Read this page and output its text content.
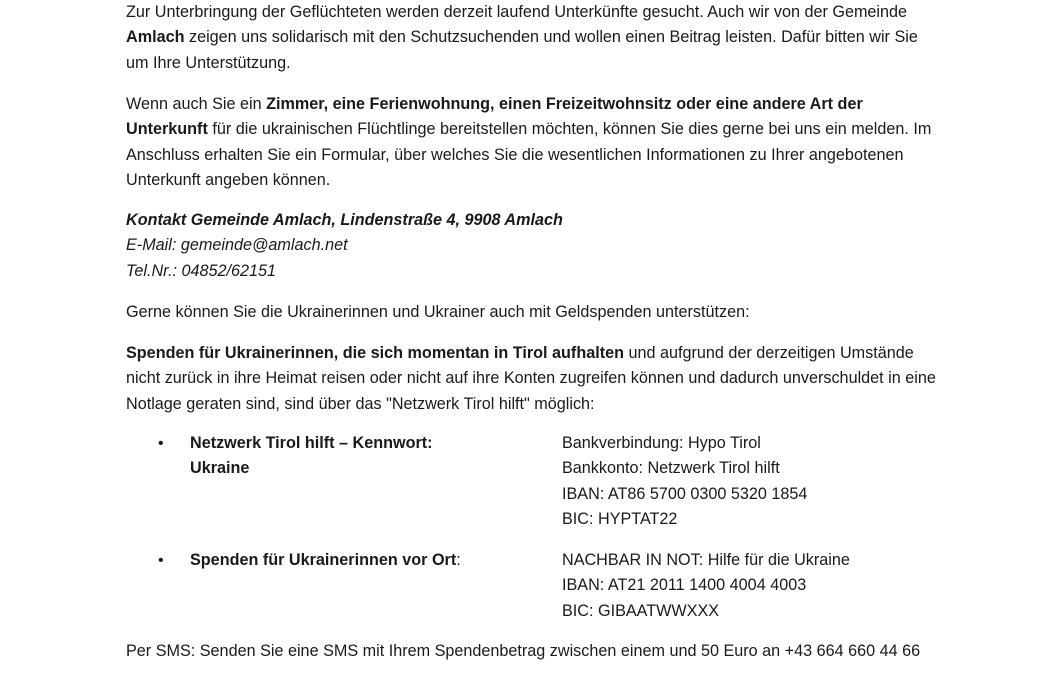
Zur Unterbringung der Geflüchteten werden derzeit laufend Unterkünfte gesucht. Auch wir von der Gemeinde Amlach zeigen uns solidarisch mit den Schutzsuchenden und wollen einen Beitrag leisten. Dafür bitten wir Sie um Ihre Unterstützung.

Wenn auch Sie ein Zimmer, eine Ferienwohnung, einen Freizeitwohnsitz oder eine andere Art der Unterkunft für die ukrainischen Flüchtlinge bereitstellen möchten, können Sie dies gerne bei uns ein melden. Im Anschluss erhalten Sie ein Formular, über welches Sie die wesentlichen Informationen zu Ihrer angebotenen Unterkunft angeben können.

Kontakt Gemeinde Amlach, Lindenstraße 4, 9908 Amlach
E-Mail: gemeinde@amlach.net
Tel.Nr.: 04852/62151

Gerne können Sie die Ukrainerinnen und Ukrainer auch mit Geldspenden unterstützen:

Spenden für Ukrainerinnen, die sich momentan in Tirol aufhalten und aufgrund der derzeitigen Umstände nicht zurück in ihre Heimat reisen oder nicht auf ihre Konten zugreifen können und dadurch unverschuldet in eine Notlage geraten sind, sind über das "Netzwerk Tirol hilft" möglich:

• Netzwerk Tirol hilft – Kennwort:
Ukraine
Bankverbindung: Hypo Tirol
Bankkonto: Netzwerk Tirol hilft
IBAN: AT86 5700 0300 5320 1854
BIC: HYPTAT22
• Spenden für Ukrainerinnen vor Ort:	NACHBAR IN NOT: Hilfe für die Ukraine
IBAN: AT21 2011 1400 4004 4003
BIC: GIBAATWWXXX

Per SMS: Senden Sie eine SMS mit Ihrem Spendenbetrag zwischen einem und 50 Euro an +43 664 660 44 66
